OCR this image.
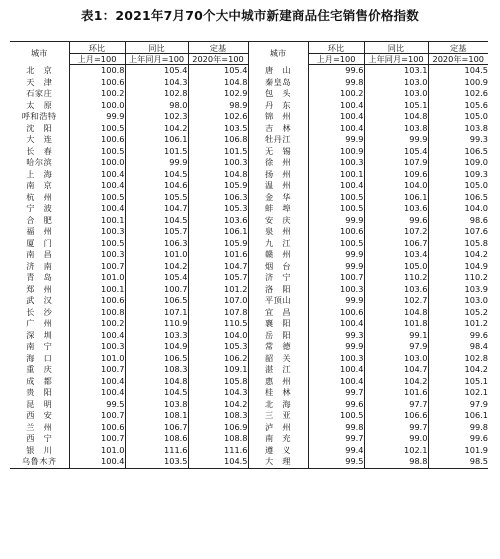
表1：2021年7月70个大中城市新建商品住宅销售价格指数
城市	环比	同比	定基	城市	环比	同比	定基
	上月=100	上年同月=100	2020年=100		上月=100	上年同月=100	2020年=100
北　京	100.8	105.4	105.4	唐　山	99.6	103.1	104.5
天　津	100.6	104.3	104.8	秦皇岛	99.8	103.0	100.9
石家庄	100.2	102.8	102.9	包　头	100.2	103.0	102.6
太　原	100.0	98.0	98.9	丹　东	100.4	105.1	105.6
呼和浩特	99.9	102.3	102.6	锦　州	100.4	104.8	105.0
沈　阳	100.5	104.2	103.5	吉　林	100.4	103.8	103.8
大　连	100.6	106.1	106.8	牡丹江	99.9	99.9	99.3
长　春	100.5	101.5	101.5	无　锡	100.9	105.4	106.5
哈尔滨	100.0	99.9	100.3	徐　州	100.3	107.9	109.0
上　海	100.4	104.5	104.8	扬　州	100.1	109.6	109.3
南　京	100.4	104.6	105.9	温　州	100.4	104.0	105.0
杭　州	100.5	105.5	106.3	金　华	100.5	106.1	106.5
宁　波	100.4	104.7	105.3	蚌　埠	100.5	103.6	104.0
合　肥	100.1	104.5	103.6	安　庆	99.9	99.6	98.6
福　州	100.3	105.7	106.1	泉　州	100.6	107.2	107.6
厦　门	100.5	106.3	105.9	九　江	100.5	106.7	105.8
南　昌	100.3	101.0	101.6	赣　州	99.9	103.4	104.2
济　南	100.7	104.2	104.7	烟　台	99.9	105.0	104.9
青　岛	101.0	105.4	105.7	济　宁	100.7	110.2	110.2
郑　州	100.1	100.7	101.2	洛　阳	100.3	103.6	103.9
武　汉	100.6	106.5	107.0	平顶山	99.9	102.7	103.0
长　沙	100.8	107.1	107.8	宜　昌	100.6	104.8	105.2
广　州	100.2	110.9	110.5	襄　阳	100.4	101.8	101.2
深　圳	100.4	103.3	104.0	岳　阳	99.3	99.1	99.6
南　宁	100.3	104.9	105.3	常　德	99.9	97.9	98.4
海　口	101.0	106.5	106.2	韶　关	100.3	103.0	102.8
重　庆	100.7	108.3	109.1	湛　江	100.4	104.7	104.2
成　都	100.4	104.8	105.8	惠　州	100.4	104.2	105.1
贵　阳	100.4	104.5	104.3	桂　林	99.7	101.6	102.1
昆　明	99.5	103.8	104.2	北　海	99.6	97.7	97.9
西　安	100.7	108.1	108.3	三　亚	100.5	106.6	106.1
兰　州	100.6	106.7	106.9	泸　州	99.8	99.7	99.8
西　宁	100.7	108.6	108.8	南　充	99.7	99.0	99.6
银　川	101.0	111.6	111.6	遵　义	99.4	102.1	101.9
乌鲁木齐	100.4	103.5	104.5	大　理	99.5	98.8	98.5
